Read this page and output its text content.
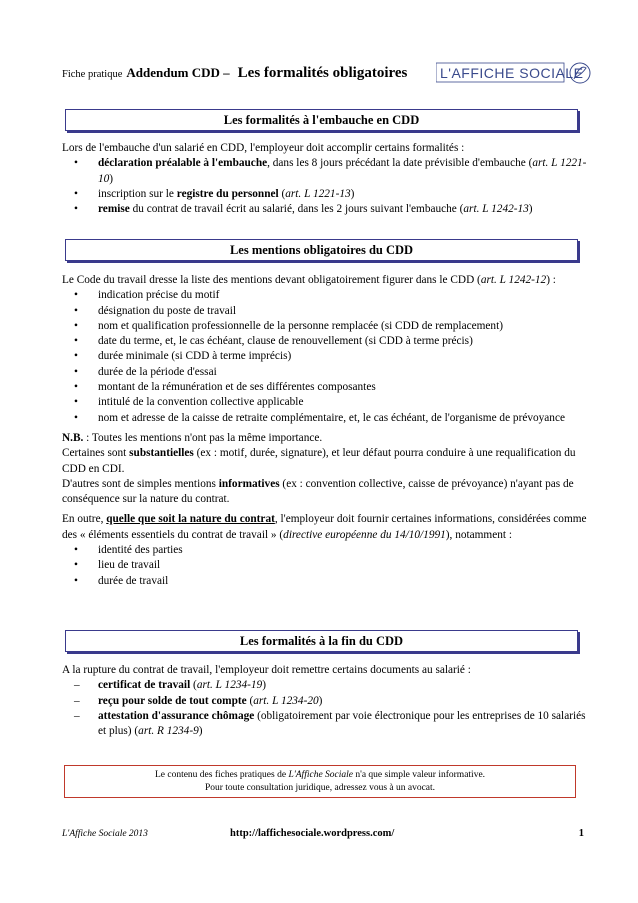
Fiche pratique Addendum CDD – Les formalités obligatoires L'AFFICHE SOCIALE
Les formalités à l'embauche en CDD

Lors de l'embauche d'un salarié en CDD, l'employeur doit accomplir certains formalités :

• déclaration préalable à l'embauche, dans les 8 jours précédant la date prévisible d'embauche (art. L 1221-10)
• inscription sur le registre du personnel (art. L 1221-13)
• remise du contrat de travail écrit au salarié, dans les 2 jours suivant l'embauche (art. L 1242-13)
Les mentions obligatoires du CDD

Le Code du travail dresse la liste des mentions devant obligatoirement figurer dans le CDD (art. L 1242-12) :

• indication précise du motif
• désignation du poste de travail
• nom et qualification professionnelle de la personne remplacée (si CDD de remplacement)
• date du terme, et, le cas échéant, clause de renouvellement (si CDD à terme précis)
• durée minimale (si CDD à terme imprécis)
• durée de la période d'essai
• montant de la rémunération et de ses différentes composantes
• intitulé de la convention collective applicable
• nom et adresse de la caisse de retraite complémentaire, et, le cas échéant, de l'organisme de prévoyance

N.B. : Toutes les mentions n'ont pas la même importance.

Certaines sont substantielles (ex : motif, durée, signature), et leur défaut pourra conduire à une requalification du CDD en CDI.

D'autres sont de simples mentions informatives (ex : convention collective, caisse de prévoyance) n'ayant pas de conséquence sur la nature du contrat.

En outre, quelle que soit la nature du contrat, l'employeur doit fournir certaines informations, considérées comme des « éléments essentiels du contrat de travail » (directive européenne du 14/10/1991), notamment :

• identité des parties
• lieu de travail
• durée de travail
Les formalités à la fin du CDD

A la rupture du contrat de travail, l'employeur doit remettre certains documents au salarié :

– certificat de travail (art. L 1234-19)
– reçu pour solde de tout compte (art. L 1234-20)
– attestation d'assurance chômage (obligatoirement par voie électronique pour les entreprises de 10 salariés et plus) (art. R 1234-9)
Le contenu des fiches pratiques de L'Affiche Sociale n'a que simple valeur informative.
Pour toute consultation juridique, adressez vous à un avocat.
L'Affiche Sociale 2013	http://laffichesociale.wordpress.com/	1
